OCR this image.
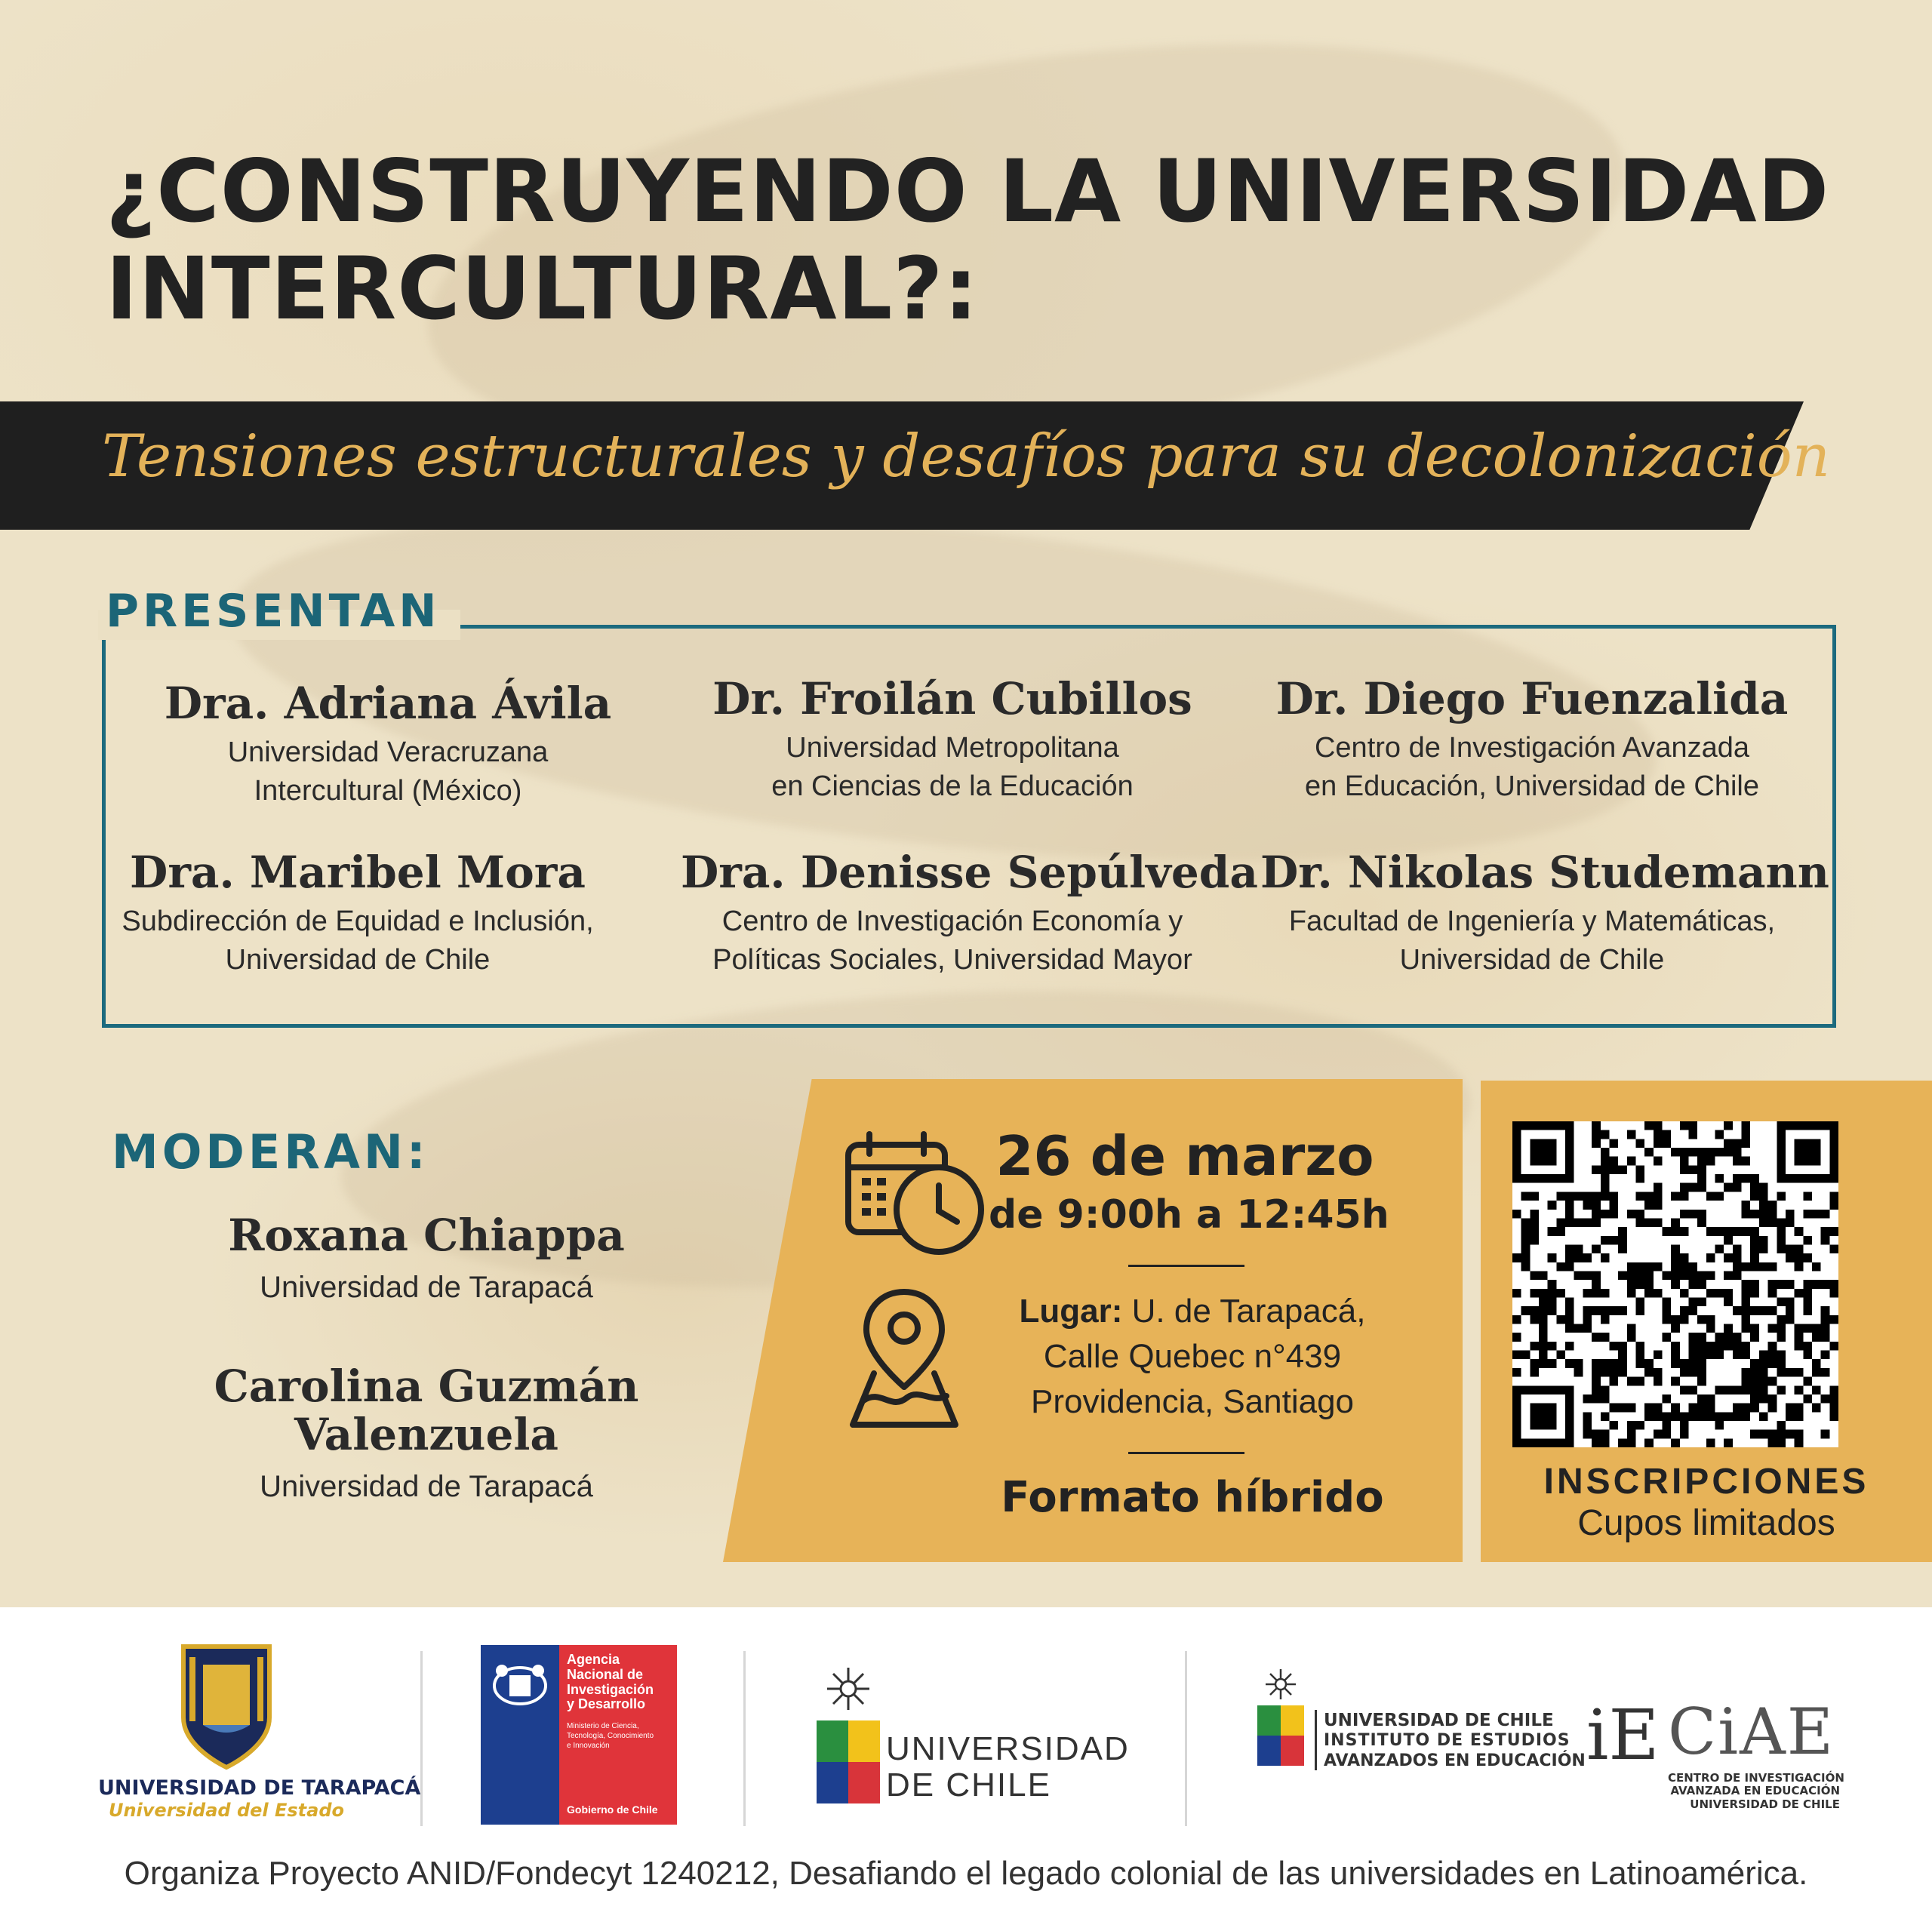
¿CONSTRUYENDO LA UNIVERSIDAD
INTERCULTURAL?:
Tensiones estructurales y desafíos para su decolonización
PRESENTAN
Dra. Adriana Ávila
Universidad Veracruzana
Intercultural (México)
Dr. Froilán Cubillos
Universidad Metropolitana
en Ciencias de la Educación
Dr. Diego Fuenzalida
Centro de Investigación Avanzada
en Educación, Universidad de Chile
Dra. Maribel Mora
Subdirección de Equidad e Inclusión,
Universidad de Chile
Dra. Denisse Sepúlveda
Centro de Investigación Economía y
Políticas Sociales, Universidad Mayor
Dr. Nikolas Studemann
Facultad de Ingeniería y Matemáticas,
Universidad de Chile
MODERAN:
Roxana Chiappa
Universidad de Tarapacá
Carolina Guzmán
Valenzuela
Universidad de Tarapacá
26 de marzo
de 9:00h a 12:45h
Lugar: U. de Tarapacá,
Calle Quebec n°439
Providencia, Santiago
Formato híbrido	INSCRIPCIONES
Cupos limitados
UNIVERSIDAD DE TARAPACÁ
Universidad del Estado
Agencia
Nacional de
Investigación
y Desarrollo
Ministerio de Ciencia,
Tecnología, Conocimiento
e Innovación
Gobierno de Chile
UNIVERSIDAD
DE CHILE
UNIVERSIDAD DE CHILE
INSTITUTO DE ESTUDIOS
AVANZADOS EN EDUCACIÓN iE CiAE
CENTRO DE INVESTIGACIÓN
AVANZADA EN EDUCACIÓN
UNIVERSIDAD DE CHILE
Organiza Proyecto ANID/Fondecyt 1240212, Desafiando el legado colonial de las universidades en Latinoamérica.
